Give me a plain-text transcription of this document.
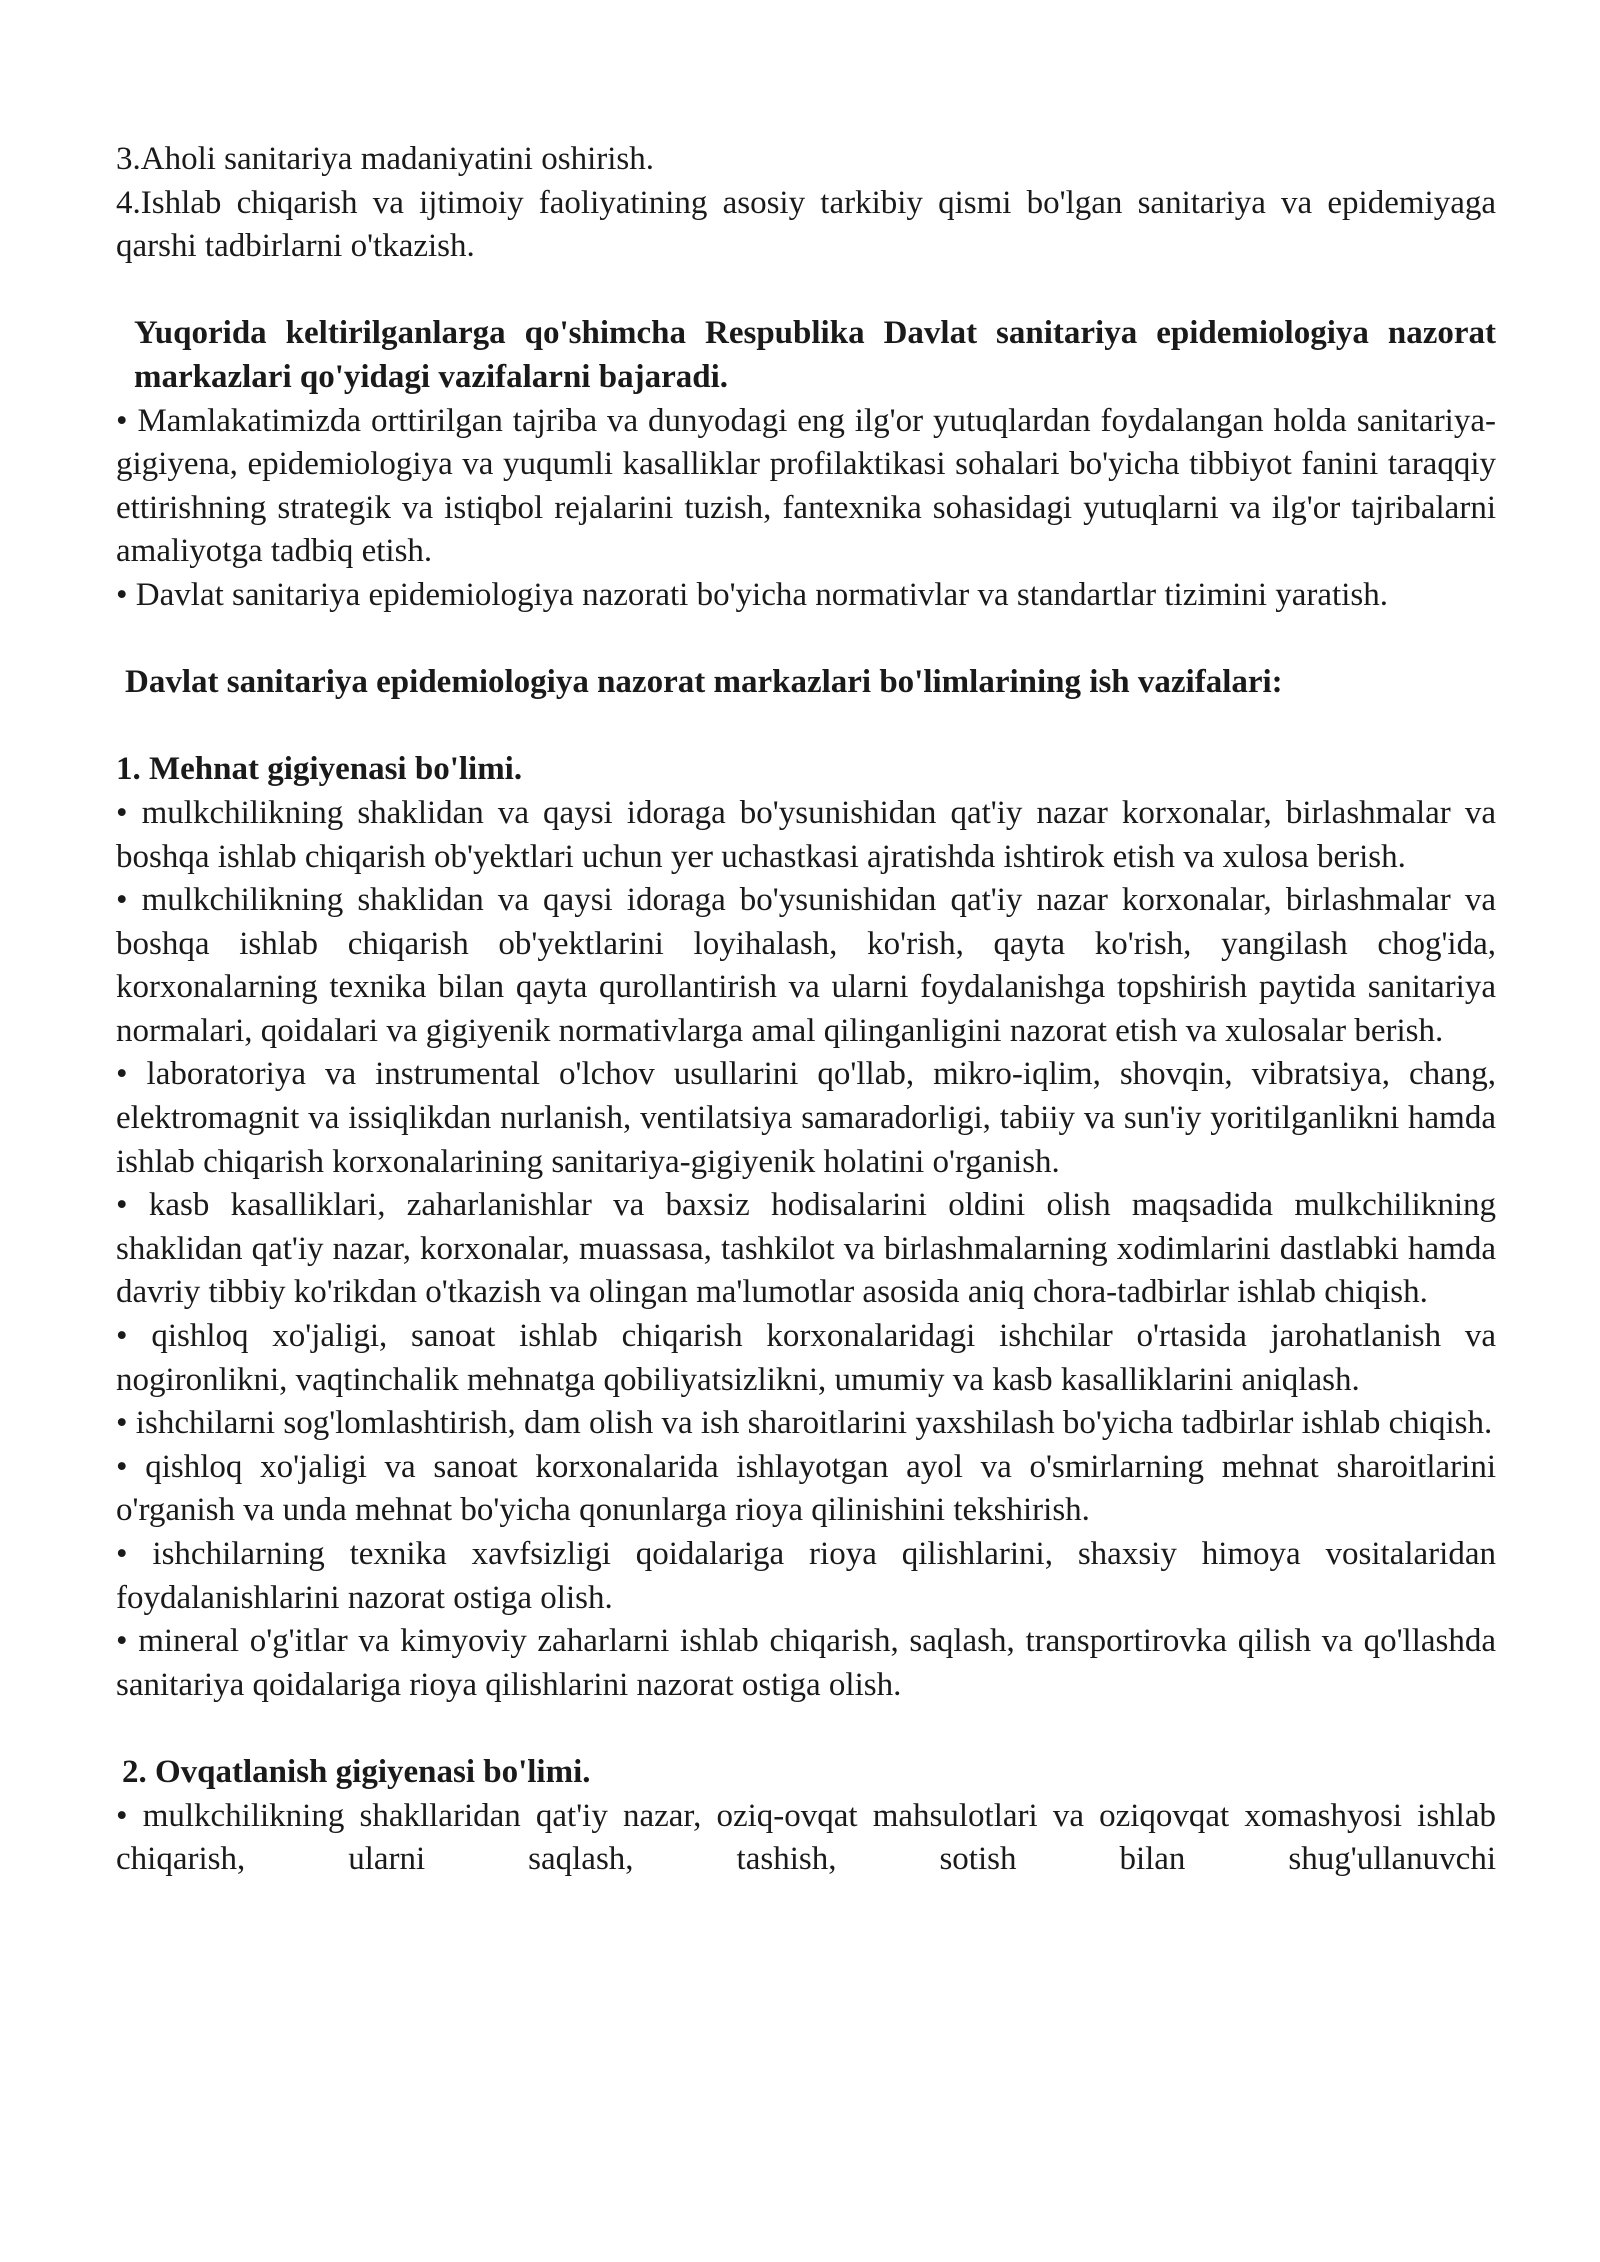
3.Aholi sanitariya madaniyatini oshirish.

4.Ishlab chiqarish va ijtimoiy faoliyatining asosiy tarkibiy qismi bo'lgan sanitariya va epidemiyaga qarshi tadbirlarni o'tkazish.

Yuqorida keltirilganlarga qo'shimcha Respublika Davlat sanitariya epidemiologiya nazorat markazlari qo'yidagi vazifalarni bajaradi.

• Mamlakatimizda orttirilgan tajriba va dunyodagi eng ilg'or yutuqlardan foydalangan holda sanitariya-gigiyena, epidemiologiya va yuqumli kasalliklar profilaktikasi sohalari bo'yicha tibbiyot fanini taraqqiy ettirishning strategik va istiqbol rejalarini tuzish, fantexnika sohasidagi yutuqlarni va ilg'or tajribalarni amaliyotga tadbiq etish.

• Davlat sanitariya epidemiologiya nazorati bo'yicha normativlar va standartlar tizimini yaratish.

Davlat sanitariya epidemiologiya nazorat markazlari bo'limlarining ish vazifalari:

1. Mehnat gigiyenasi bo'limi.

• mulkchilikning shaklidan va qaysi idoraga bo'ysunishidan qat'iy nazar korxonalar, birlashmalar va boshqa ishlab chiqarish ob'yektlari uchun yer uchastkasi ajratishda ishtirok etish va xulosa berish.

• mulkchilikning shaklidan va qaysi idoraga bo'ysunishidan qat'iy nazar korxonalar, birlashmalar va boshqa ishlab chiqarish ob'yektlarini loyihalash, ko'rish, qayta ko'rish, yangilash chog'ida, korxonalarning texnika bilan qayta qurollantirish va ularni foydalanishga topshirish paytida sanitariya normalari, qoidalari va gigiyenik normativlarga amal qilinganligini nazorat etish va xulosalar berish.

• laboratoriya va instrumental o'lchov usullarini qo'llab, mikro-iqlim, shovqin, vibratsiya, chang, elektromagnit va issiqlikdan nurlanish, ventilatsiya samaradorligi, tabiiy va sun'iy yoritilganlikni hamda ishlab chiqarish korxonalarining sanitariya-gigiyenik holatini o'rganish.

• kasb kasalliklari, zaharlanishlar va baxsiz hodisalarini oldini olish maqsadida mulkchilikning shaklidan qat'iy nazar, korxonalar, muassasa, tashkilot va birlashmalarning xodimlarini dastlabki hamda davriy tibbiy ko'rikdan o'tkazish va olingan ma'lumotlar asosida aniq chora-tadbirlar ishlab chiqish.

• qishloq xo'jaligi, sanoat ishlab chiqarish korxonalaridagi ishchilar o'rtasida jarohatlanish va nogironlikni, vaqtinchalik mehnatga qobiliyatsizlikni, umumiy va kasb kasalliklarini aniqlash.

• ishchilarni sog'lomlashtirish, dam olish va ish sharoitlarini yaxshilash bo'yicha tadbirlar ishlab chiqish.

• qishloq xo'jaligi va sanoat korxonalarida ishlayotgan ayol va o'smirlarning mehnat sharoitlarini o'rganish va unda mehnat bo'yicha qonunlarga rioya qilinishini tekshirish.

• ishchilarning texnika xavfsizligi qoidalariga rioya qilishlarini, shaxsiy himoya vositalaridan foydalanishlarini nazorat ostiga olish.

• mineral o'g'itlar va kimyoviy zaharlarni ishlab chiqarish, saqlash, transportirovka qilish va qo'llashda sanitariya qoidalariga rioya qilishlarini nazorat ostiga olish.

2. Ovqatlanish gigiyenasi bo'limi.

• mulkchilikning shakllaridan qat'iy nazar, oziq-ovqat mahsulotlari va oziqovqat xomashyosi ishlab chiqarish, ularni saqlash, tashish, sotish bilan shug'ullanuvchi
